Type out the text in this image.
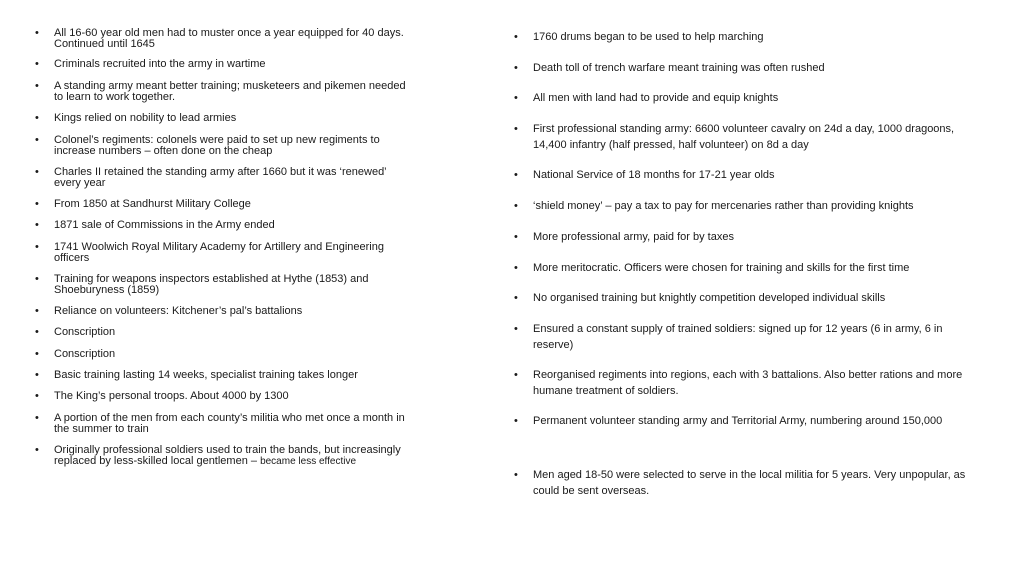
• All 16-60 year old men had to muster once a year equipped for 40 days. Continued until 1645
• Criminals recruited into the army in wartime
• A standing army meant better training; musketeers and pikemen needed to learn to work together.
• Kings relied on nobility to lead armies
• Colonel’s regiments: colonels were paid to set up new regiments to increase numbers – often done on the cheap
• Charles II retained the standing army after 1660 but it was ‘renewed’ every year
• From 1850 at Sandhurst Military College
• 1871 sale of Commissions in the Army ended
• 1741 Woolwich Royal Military Academy for Artillery and Engineering officers
• Training for weapons inspectors established at Hythe (1853) and Shoeburyness (1859)
• Reliance on volunteers: Kitchener’s pal’s battalions
• Conscription
• Conscription
• Basic training lasting 14 weeks, specialist training takes longer
• The King’s personal troops. About 4000 by 1300
• A portion of the men from each county’s militia who met once a month in the summer to train
• Originally professional soldiers used to train the bands, but increasingly replaced by less-skilled local gentlemen – became less effective
• 1760 drums began to be used to help marching
• Death toll of trench warfare meant training was often rushed
• All men with land had to provide and equip knights
• First professional standing army: 6600 volunteer cavalry on 24d a day, 1000 dragoons, 14,400 infantry (half pressed, half volunteer) on 8d a day
• National Service of 18 months for 17-21 year olds
• ‘shield money’ – pay a tax to pay for mercenaries rather than providing knights
• More professional army, paid for by taxes
• More meritocratic. Officers were chosen for training and skills for the first time
• No organised training but knightly competition developed individual skills
• Ensured a constant supply of trained soldiers: signed up for 12 years (6 in army, 6 in reserve)
• Reorganised regiments into regions, each with 3 battalions. Also better rations and more humane treatment of soldiers.
• Permanent volunteer standing army and Territorial Army, numbering around 150,000
• Men aged 18-50 were selected to serve in the local militia for 5 years. Very unpopular, as could be sent overseas.
